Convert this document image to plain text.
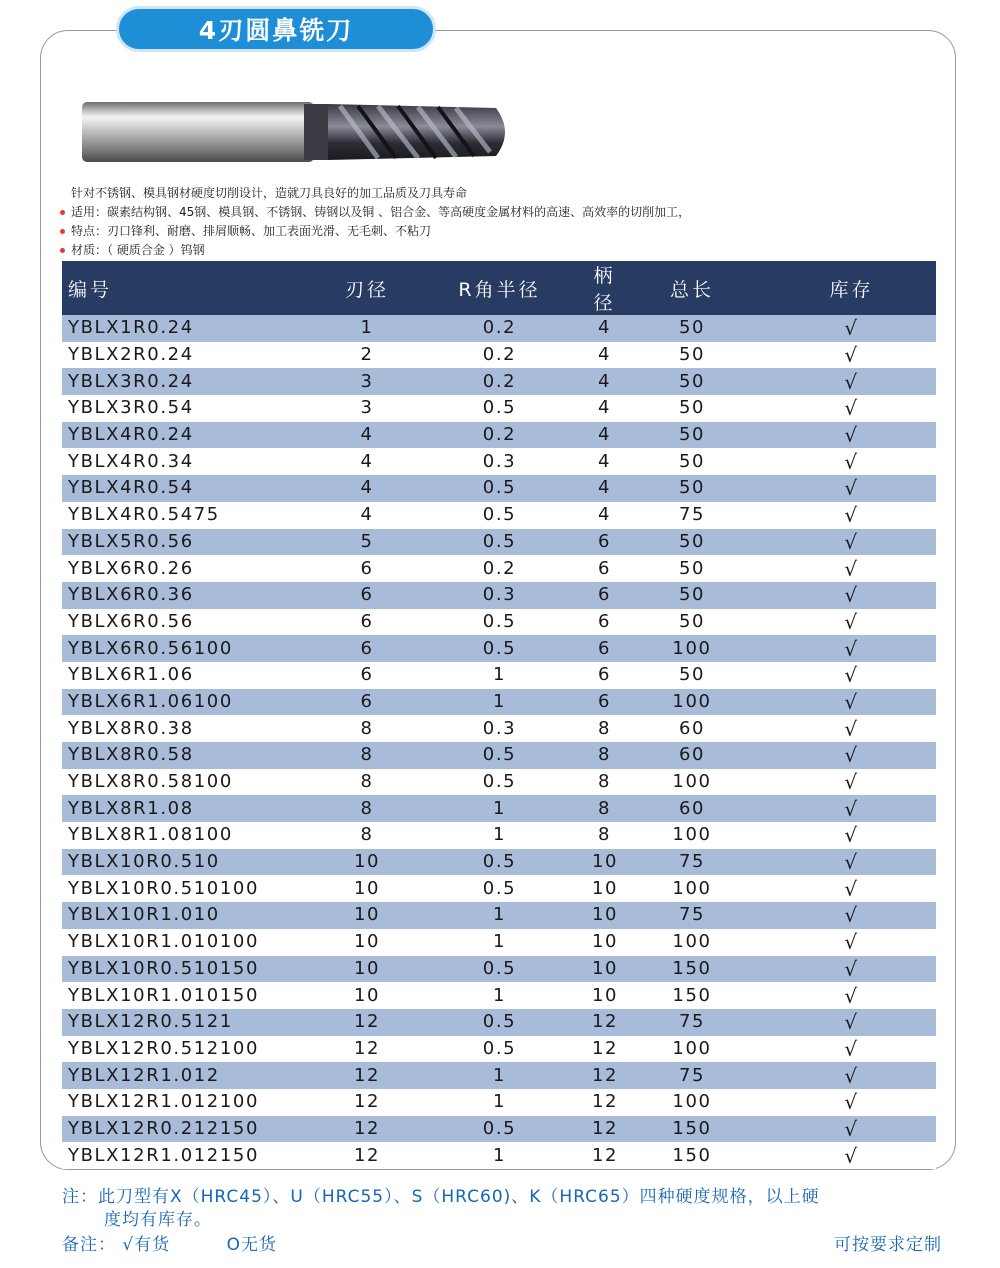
4刃圆鼻铣刀
针对不锈钢、模具钢材硬度切削设计，造就刀具良好的加工品质及刀具寿命
适用：碳素结构钢、45钢、模具钢、不锈钢、铸钢以及铜 、铝合金、等高硬度金属材料的高速、高效率的切削加工，
特点：刃口锋利、耐磨、排屑顺畅、加工表面光滑、无毛刺、不粘刀
材质：（ 硬质合金 ）钨钢
编号	刃径	R角半径	柄径	总长	库存
YBLX1R0.24	1	0.2	4	50	√
YBLX2R0.24	2	0.2	4	50	√
YBLX3R0.24	3	0.2	4	50	√
YBLX3R0.54	3	0.5	4	50	√
YBLX4R0.24	4	0.2	4	50	√
YBLX4R0.34	4	0.3	4	50	√
YBLX4R0.54	4	0.5	4	50	√
YBLX4R0.5475	4	0.5	4	75	√
YBLX5R0.56	5	0.5	6	50	√
YBLX6R0.26	6	0.2	6	50	√
YBLX6R0.36	6	0.3	6	50	√
YBLX6R0.56	6	0.5	6	50	√
YBLX6R0.56100	6	0.5	6	100	√
YBLX6R1.06	6	1	6	50	√
YBLX6R1.06100	6	1	6	100	√
YBLX8R0.38	8	0.3	8	60	√
YBLX8R0.58	8	0.5	8	60	√
YBLX8R0.58100	8	0.5	8	100	√
YBLX8R1.08	8	1	8	60	√
YBLX8R1.08100	8	1	8	100	√
YBLX10R0.510	10	0.5	10	75	√
YBLX10R0.510100	10	0.5	10	100	√
YBLX10R1.010	10	1	10	75	√
YBLX10R1.010100	10	1	10	100	√
YBLX10R0.510150	10	0.5	10	150	√
YBLX10R1.010150	10	1	10	150	√
YBLX12R0.5121	12	0.5	12	75	√
YBLX12R0.512100	12	0.5	12	100	√
YBLX12R1.012	12	1	12	75	√
YBLX12R1.012100	12	1	12	100	√
YBLX12R0.212150	12	0.5	12	150	√
YBLX12R1.012150	12	1	12	150	√
注：此刀型有X（HRC45）、U（HRC55）、S（HRC60)、K（HRC65）四种硬度规格，以上硬
度均有库存。
备注： √有货	O无货	可按要求定制
